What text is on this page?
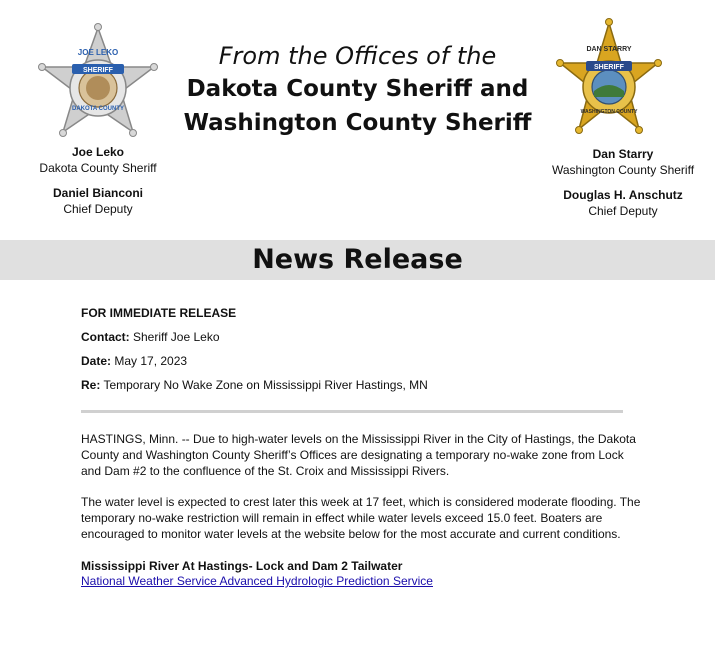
SHERIFF
JOE LEKO
DAKOTA COUNTY
SHERIFF
DAN STARRY
WASHINGTON COUNTY
From the Offices of the
Dakota County Sheriff and
Washington County Sheriff
Joe Leko
Dakota County Sheriff
Daniel Bianconi
Chief Deputy
Dan Starry
Washington County Sheriff
Douglas H. Anschutz
Chief Deputy
News Release
FOR IMMEDIATE RELEASE
Contact: Sheriff Joe Leko
Date: May 17, 2023
Re: Temporary No Wake Zone on Mississippi River Hastings, MN
HASTINGS, Minn. -- Due to high-water levels on the Mississippi River in the City of Hastings, the Dakota County and Washington County Sheriff’s Offices are designating a temporary no-wake zone from Lock and Dam #2 to the confluence of the St. Croix and Mississippi Rivers.
The water level is expected to crest later this week at 17 feet, which is considered moderate flooding. The temporary no-wake restriction will remain in effect while water levels exceed 15.0 feet. Boaters are encouraged to monitor water levels at the website below for the most accurate and current conditions.
Mississippi River At Hastings- Lock and Dam 2 Tailwater
National Weather Service Advanced Hydrologic Prediction Service
